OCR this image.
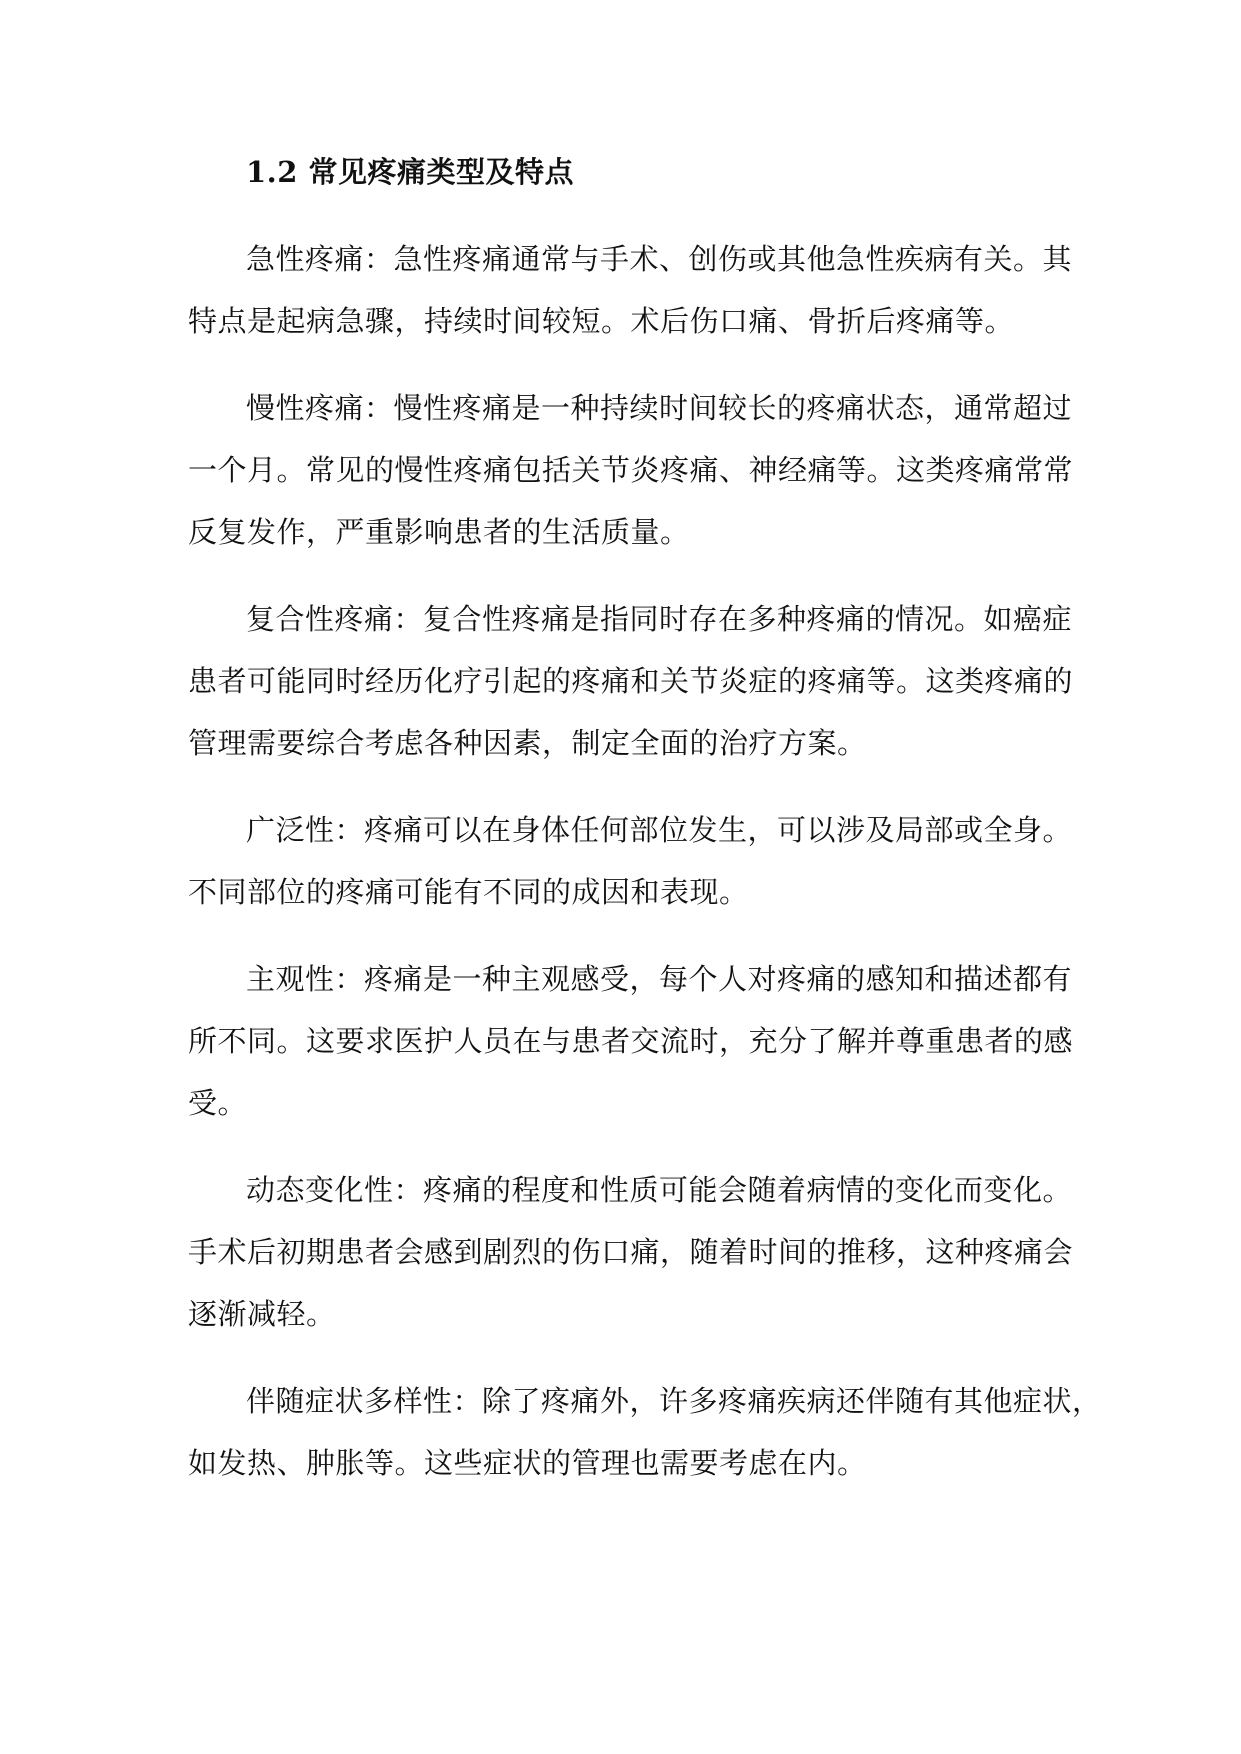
1.2 常见疼痛类型及特点
急性疼痛：急性疼痛通常与手术、创伤或其他急性疾病有关。其
特点是起病急骤，持续时间较短。术后伤口痛、骨折后疼痛等。
慢性疼痛：慢性疼痛是一种持续时间较长的疼痛状态，通常超过
一个月。常见的慢性疼痛包括关节炎疼痛、神经痛等。这类疼痛常常
反复发作，严重影响患者的生活质量。
复合性疼痛：复合性疼痛是指同时存在多种疼痛的情况。如癌症
患者可能同时经历化疗引起的疼痛和关节炎症的疼痛等。这类疼痛的
管理需要综合考虑各种因素，制定全面的治疗方案。
广泛性：疼痛可以在身体任何部位发生，可以涉及局部或全身。
不同部位的疼痛可能有不同的成因和表现。
主观性：疼痛是一种主观感受，每个人对疼痛的感知和描述都有
所不同。这要求医护人员在与患者交流时，充分了解并尊重患者的感
受。
动态变化性：疼痛的程度和性质可能会随着病情的变化而变化。
手术后初期患者会感到剧烈的伤口痛，随着时间的推移，这种疼痛会
逐渐减轻。
伴随症状多样性：除了疼痛外，许多疼痛疾病还伴随有其他症状，
如发热、肿胀等。这些症状的管理也需要考虑在内。
